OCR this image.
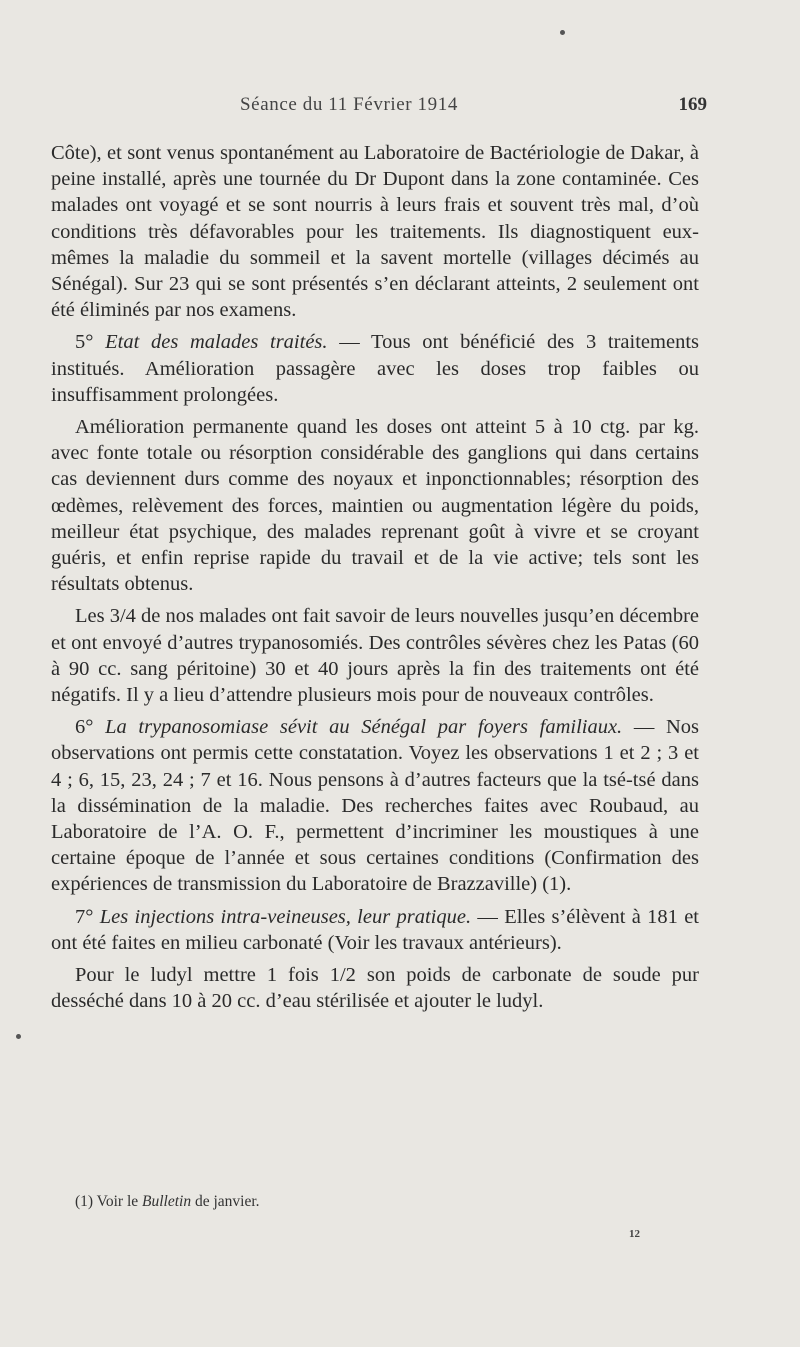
Séance du 11 Février 1914	169

Côte), et sont venus spontanément au Laboratoire de Bactériologie de Dakar, à peine installé, après une tournée du Dr Dupont dans la zone contaminée. Ces malades ont voyagé et se sont nourris à leurs frais et souvent très mal, d’où conditions très défavorables pour les traitements. Ils diagnostiquent eux-mêmes la maladie du sommeil et la savent mortelle (villages décimés au Sénégal). Sur 23 qui se sont présentés s’en déclarant atteints, 2 seulement ont été éliminés par nos examens.

5° Etat des malades traités. — Tous ont bénéficié des 3 traitements institués. Amélioration passagère avec les doses trop faibles ou insuffisamment prolongées.

Amélioration permanente quand les doses ont atteint 5 à 10 ctg. par kg. avec fonte totale ou résorption considérable des ganglions qui dans certains cas deviennent durs comme des noyaux et inponctionnables; résorption des œdèmes, relèvement des forces, maintien ou augmentation légère du poids, meilleur état psychique, des malades reprenant goût à vivre et se croyant guéris, et enfin reprise rapide du travail et de la vie active; tels sont les résultats obtenus.

Les 3/4 de nos malades ont fait savoir de leurs nouvelles jusqu’en décembre et ont envoyé d’autres trypanosomiés. Des contrôles sévères chez les Patas (60 à 90 cc. sang péritoine) 30 et 40 jours après la fin des traitements ont été négatifs. Il y a lieu d’attendre plusieurs mois pour de nouveaux contrôles.

6° La trypanosomiase sévit au Sénégal par foyers familiaux. — Nos observations ont permis cette constatation. Voyez les observations 1 et 2 ; 3 et 4 ; 6, 15, 23, 24 ; 7 et 16. Nous pensons à d’autres facteurs que la tsé-tsé dans la dissémination de la maladie. Des recherches faites avec Roubaud, au Laboratoire de l’A. O. F., permettent d’incriminer les moustiques à une certaine époque de l’année et sous certaines conditions (Confirmation des expériences de transmission du Laboratoire de Brazzaville) (1).

7° Les injections intra-veineuses, leur pratique. — Elles s’élèvent à 181 et ont été faites en milieu carbonaté (Voir les travaux antérieurs).

Pour le ludyl mettre 1 fois 1/2 son poids de carbonate de soude pur desséché dans 10 à 20 cc. d’eau stérilisée et ajouter le ludyl.

(1) Voir le Bulletin de janvier.
12
